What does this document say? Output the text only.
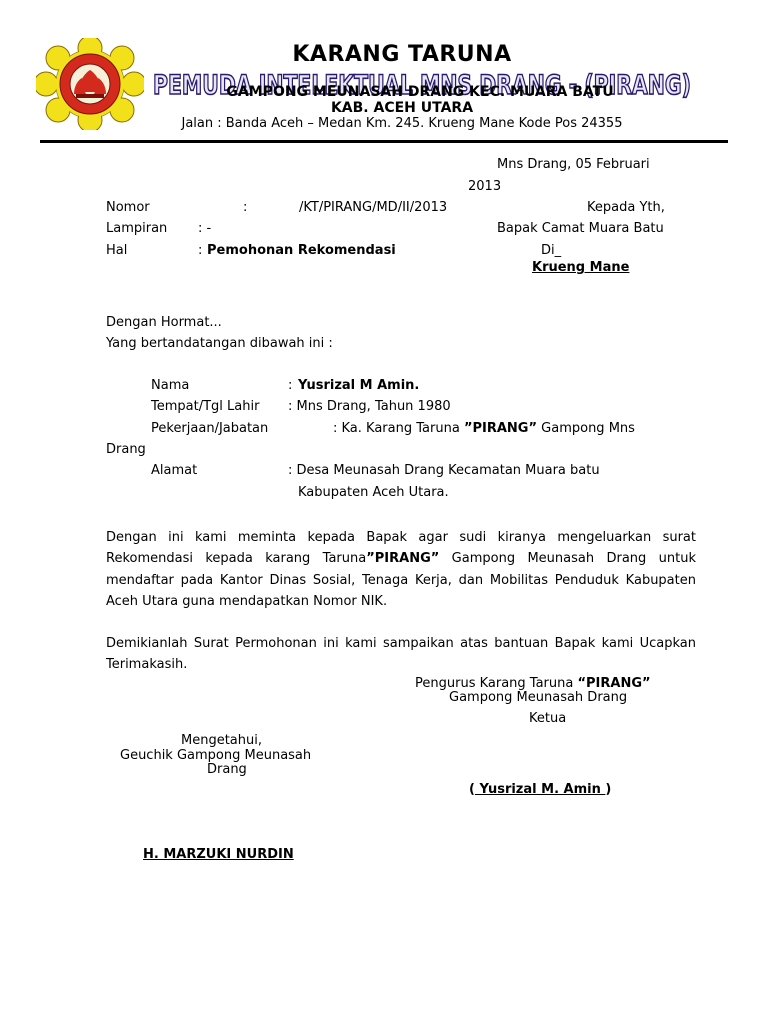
KARANG TARUNA
PEMUDA INTELEKTUAL MNS DRANG - (PIRANG)
GAMPONG MEUNASAH DRANG KEC. MUARA BATU
KAB. ACEH UTARA
Jalan : Banda Aceh – Medan Km. 245. Krueng Mane Kode Pos 24355
Mns Drang, 05 Februari
2013
Nomor	:	/KT/PIRANG/MD/II/2013	Kepada Yth,
Lampiran : -	Bapak Camat Muara Batu
Hal	: Pemohonan Rekomendasi	Di_
Krueng Mane
Dengan Hormat...
Yang bertandatangan dibawah ini :
Nama	: Yusrizal M Amin.
Tempat/Tgl Lahir : Mns Drang, Tahun 1980
Pekerjaan/Jabatan	: Ka. Karang Taruna ”PIRANG” Gampong Mns
Drang
Alamat	: Desa Meunasah Drang Kecamatan Muara batu
Kabupaten Aceh Utara.
Dengan ini kami meminta kepada Bapak agar sudi kiranya mengeluarkan surat Rekomendasi kepada karang Taruna”PIRANG” Gampong Meunasah Drang untuk mendaftar pada Kantor Dinas Sosial, Tenaga Kerja, dan Mobilitas Penduduk Kabupaten Aceh Utara guna mendapatkan Nomor NIK.
Demikianlah Surat Permohonan ini kami sampaikan atas bantuan Bapak kami Ucapkan Terimakasih.
Pengurus Karang Taruna “PIRANG”
Gampong Meunasah Drang
Ketua
( Yusrizal M. Amin )
Mengetahui,
Geuchik Gampong Meunasah
Drang
H. MARZUKI NURDIN
